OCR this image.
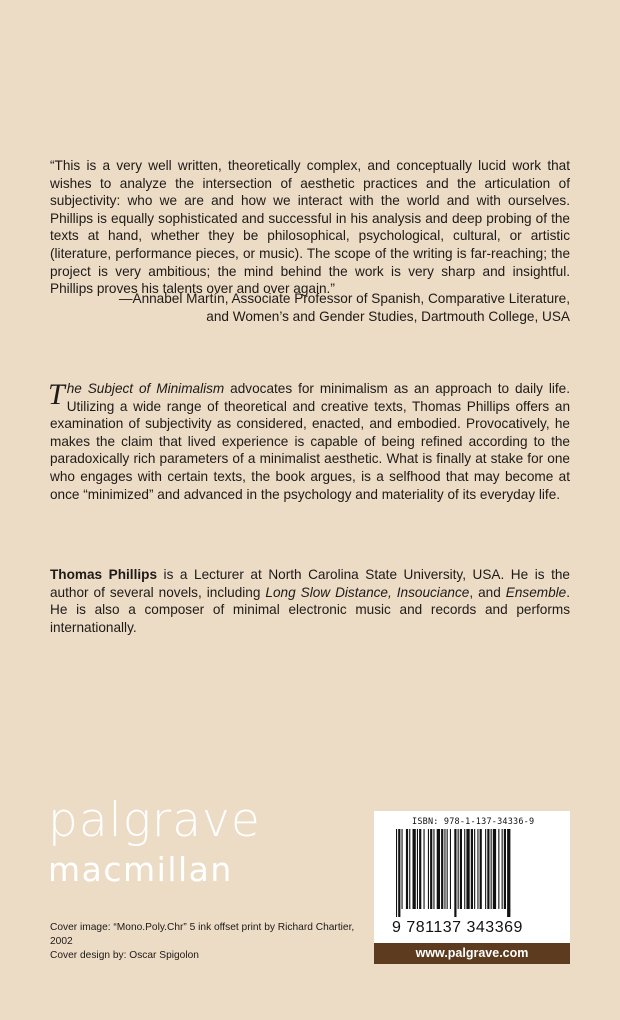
“This is a very well written, theoretically complex, and conceptually lucid work that wishes to analyze the intersection of aesthetic practices and the articulation of subjectivity: who we are and how we interact with the world and with ourselves. Phillips is equally sophisticated and successful in his analysis and deep probing of the texts at hand, whether they be philosophical, psychological, cultural, or artistic (literature, performance pieces, or music). The scope of the writing is far-reaching; the project is very ambitious; the mind behind the work is very sharp and insightful. Phillips proves his talents over and over again.”
—Annabel Martín, Associate Professor of Spanish, Comparative Literature,
and Women’s and Gender Studies, Dartmouth College, USA
The Subject of Minimalism advocates for minimalism as an approach to daily life. Utilizing a wide range of theoretical and creative texts, Thomas Phillips offers an examination of subjectivity as considered, enacted, and embodied. Provocatively, he makes the claim that lived experience is capable of being refined according to the paradoxically rich parameters of a minimalist aesthetic. What is finally at stake for one who engages with certain texts, the book argues, is a selfhood that may become at once “minimized” and advanced in the psychology and materiality of its everyday life.
Thomas Phillips is a Lecturer at North Carolina State University, USA. He is the author of several novels, including Long Slow Distance, Insouciance, and Ensemble. He is also a composer of minimal electronic music and records and performs internationally.
palgrave
macmillan
Cover image: “Mono.Poly.Chr” 5 ink offset print by Richard Chartier, 2002
Cover design by: Oscar Spigolon
ISBN: 978-1-137-34336-9
9 781137 343369
www.palgrave.com
